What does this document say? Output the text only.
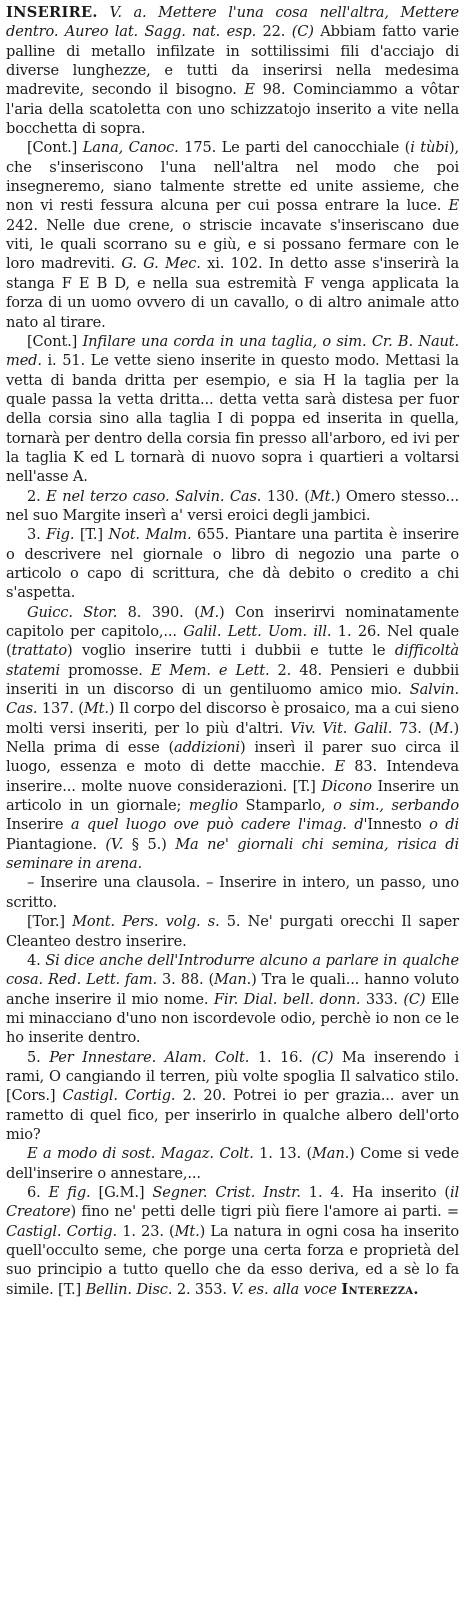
INSERIRE. V. a. Mettere l'una cosa nell'altra, Mettere dentro. Aureo lat. Sagg. nat. esp. 22. (C) Abbiam fatto varie palline di metallo infilzate in sottilissimi fili d'acciajo di diverse lunghezze, e tutti da inserirsi nella medesima madrevite, secondo il bisogno. E 98. Cominciammo a vôtar l'aria della scatoletta con uno schizzatojo inserito a vite nella bocchetta di sopra.

[Cont.] Lana, Canoc. 175. Le parti del canocchiale (i tùbi), che s'inseriscono l'una nell'altra nel modo che poi insegneremo, siano talmente strette ed unite assieme, che non vi resti fessura alcuna per cui possa entrare la luce. E 242. Nelle due crene, o striscie incavate s'inseriscano due viti, le quali scorrano su e giù, e si possano fermare con le loro madreviti. G. G. Mec. xi. 102. In detto asse s'inserirà la stanga F E B D, e nella sua estremità F venga applicata la forza di un uomo ovvero di un cavallo, o di altro animale atto nato al tirare.

[Cont.] Infilare una corda in una taglia, o sim. Cr. B. Naut. med. i. 51. Le vette sieno inserite in questo modo. Mettasi la vetta di banda dritta per esempio, e sia H la taglia per la quale passa la vetta dritta... detta vetta sarà distesa per fuor della corsia sino alla taglia I di poppa ed inserita in quella, tornarà per dentro della corsia fin presso all'arboro, ed ivi per la taglia K ed L tornarà di nuovo sopra i quartieri a voltarsi nell'asse A.

2. E nel terzo caso. Salvin. Cas. 130. (Mt.) Omero stesso... nel suo Margite inserì a' versi eroici degli jambici.

3. Fig. [T.] Not. Malm. 655. Piantare una partita è inserire o descrivere nel giornale o libro di negozio una parte o articolo o capo di scrittura, che dà debito o credito a chi s'aspetta.

Guicc. Stor. 8. 390. (M.) Con inserirvi nominatamente capitolo per capitolo,... Galil. Lett. Uom. ill. 1. 26. Nel quale (trattato) voglio inserire tutti i dubbii e tutte le difficoltà statemi promosse. E Mem. e Lett. 2. 48. Pensieri e dubbii inseriti in un discorso di un gentiluomo amico mio. Salvin. Cas. 137. (Mt.) Il corpo del discorso è prosaico, ma a cui sieno molti versi inseriti, per lo più d'altri. Viv. Vit. Galil. 73. (M.) Nella prima di esse (addizioni) inserì il parer suo circa il luogo, essenza e moto di dette macchie. E 83. Intendeva inserire... molte nuove considerazioni. [T.] Dicono Inserire un articolo in un giornale; meglio Stamparlo, o sim., serbando Inserire a quel luogo ove può cadere l'imag. d'Innesto o di Piantagione. (V. § 5.) Ma ne' giornali chi semina, risica di seminare in arena.

– Inserire una clausola. – Inserire in intero, un passo, uno scritto.

[Tor.] Mont. Pers. volg. s. 5. Ne' purgati orecchi Il saper Cleanteo destro inserire.

4. Si dice anche dell'Introdurre alcuno a parlare in qualche cosa. Red. Lett. fam. 3. 88. (Man.) Tra le quali... hanno voluto anche inserire il mio nome. Fir. Dial. bell. donn. 333. (C) Elle mi minacciano d'uno non iscordevole odio, perchè io non ce le ho inserite dentro.

5. Per Innestare. Alam. Colt. 1. 16. (C) Ma inserendo i rami, O cangiando il terren, più volte spoglia Il salvatico stilo. [Cors.] Castigl. Cortig. 2. 20. Potrei io per grazia... aver un rametto di quel fico, per inserirlo in qualche albero dell'orto mio?

E a modo di sost. Magaz. Colt. 1. 13. (Man.) Come si vede dell'inserire o annestare,...

6. E fig. [G.M.] Segner. Crist. Instr. 1. 4. Ha inserito (il Creatore) fino ne' petti delle tigri più fiere l'amore ai parti. = Castigl. Cortig. 1. 23. (Mt.) La natura in ogni cosa ha inserito quell'occulto seme, che porge una certa forza e proprietà del suo principio a tutto quello che da esso deriva, ed a sè lo fa simile. [T.] Bellin. Disc. 2. 353. V. es. alla voce Interezza.
